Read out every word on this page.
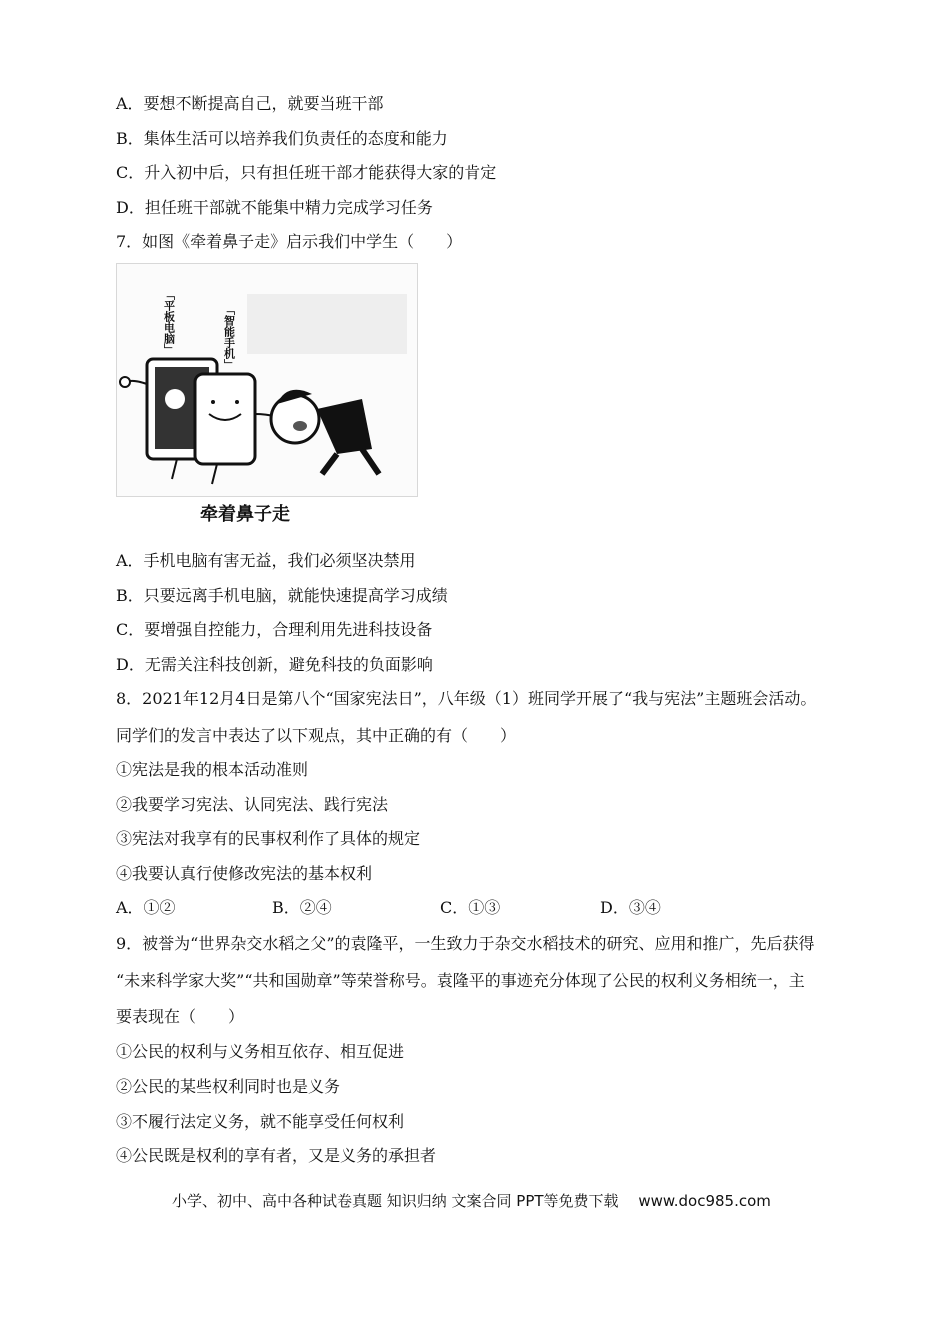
A．要想不断提高自己，就要当班干部
B．集体生活可以培养我们负责任的态度和能力
C．升入初中后，只有担任班干部才能获得大家的肯定
D．担任班干部就不能集中精力完成学习任务
7．如图《牵着鼻子走》启示我们中学生（　　）
「平板电脑」	「智能手机」
牵着鼻子走
A．手机电脑有害无益，我们必须坚决禁用
B．只要远离手机电脑，就能快速提高学习成绩
C．要增强自控能力，合理利用先进科技设备
D．无需关注科技创新，避免科技的负面影响
8．2021年12月4日是第八个“国家宪法日”，八年级（1）班同学开展了“我与宪法”主题班会活动。
同学们的发言中表达了以下观点，其中正确的有（　　）
①宪法是我的根本活动准则
②我要学习宪法、认同宪法、践行宪法
③宪法对我享有的民事权利作了具体的规定
④我要认真行使修改宪法的基本权利
A．①②	B．②④	C．①③	D．③④
9．被誉为“世界杂交水稻之父”的袁隆平，一生致力于杂交水稻技术的研究、应用和推广，先后获得
“未来科学家大奖”“共和国勋章”等荣誉称号。袁隆平的事迹充分体现了公民的权利义务相统一，主
要表现在（　　）
①公民的权利与义务相互依存、相互促进
②公民的某些权利同时也是义务
③不履行法定义务，就不能享受任何权利
④公民既是权利的享有者，又是义务的承担者
小学、初中、高中各种试卷真题 知识归纳 文案合同 PPT等免费下载　 www.doc985.com
